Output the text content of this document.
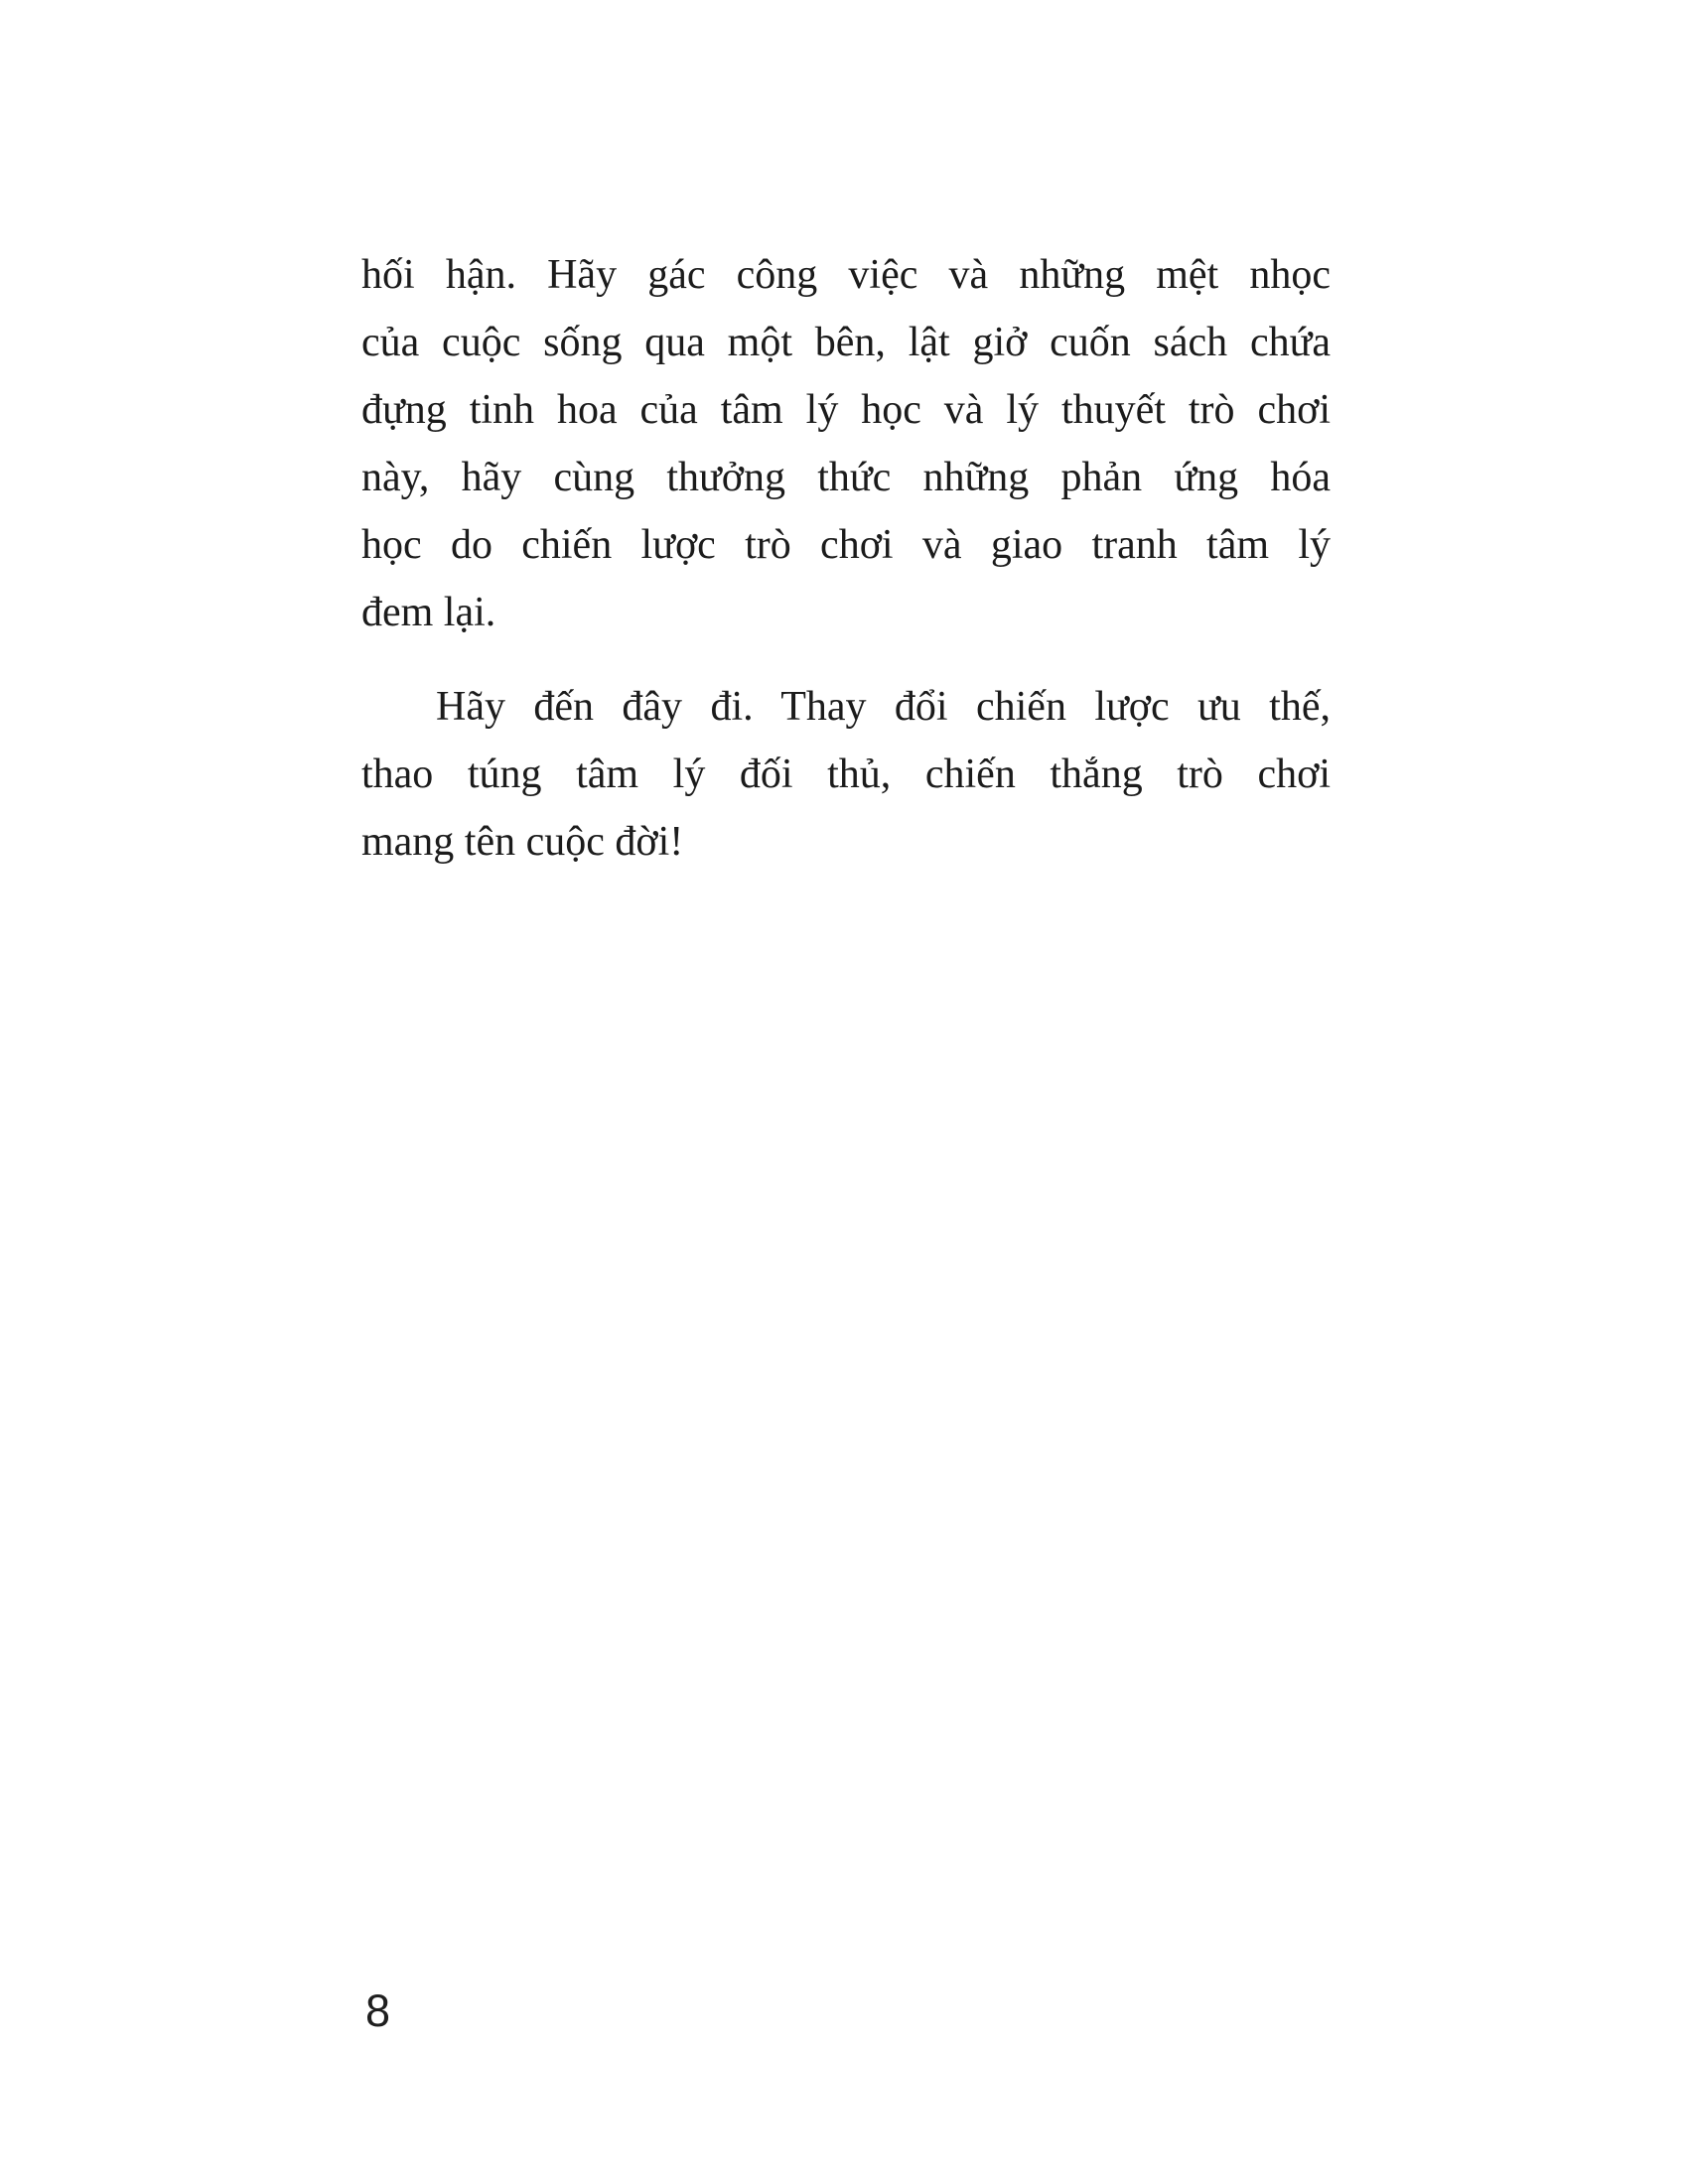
hối hận. Hãy gác công việc và những mệt nhọc
của cuộc sống qua một bên, lật giở cuốn sách chứa
đựng tinh hoa của tâm lý học và lý thuyết trò chơi
này, hãy cùng thưởng thức những phản ứng hóa
học do chiến lược trò chơi và giao tranh tâm lý
đem lại.

Hãy đến đây đi. Thay đổi chiến lược ưu thế,
thao túng tâm lý đối thủ, chiến thắng trò chơi
mang tên cuộc đời!

8
